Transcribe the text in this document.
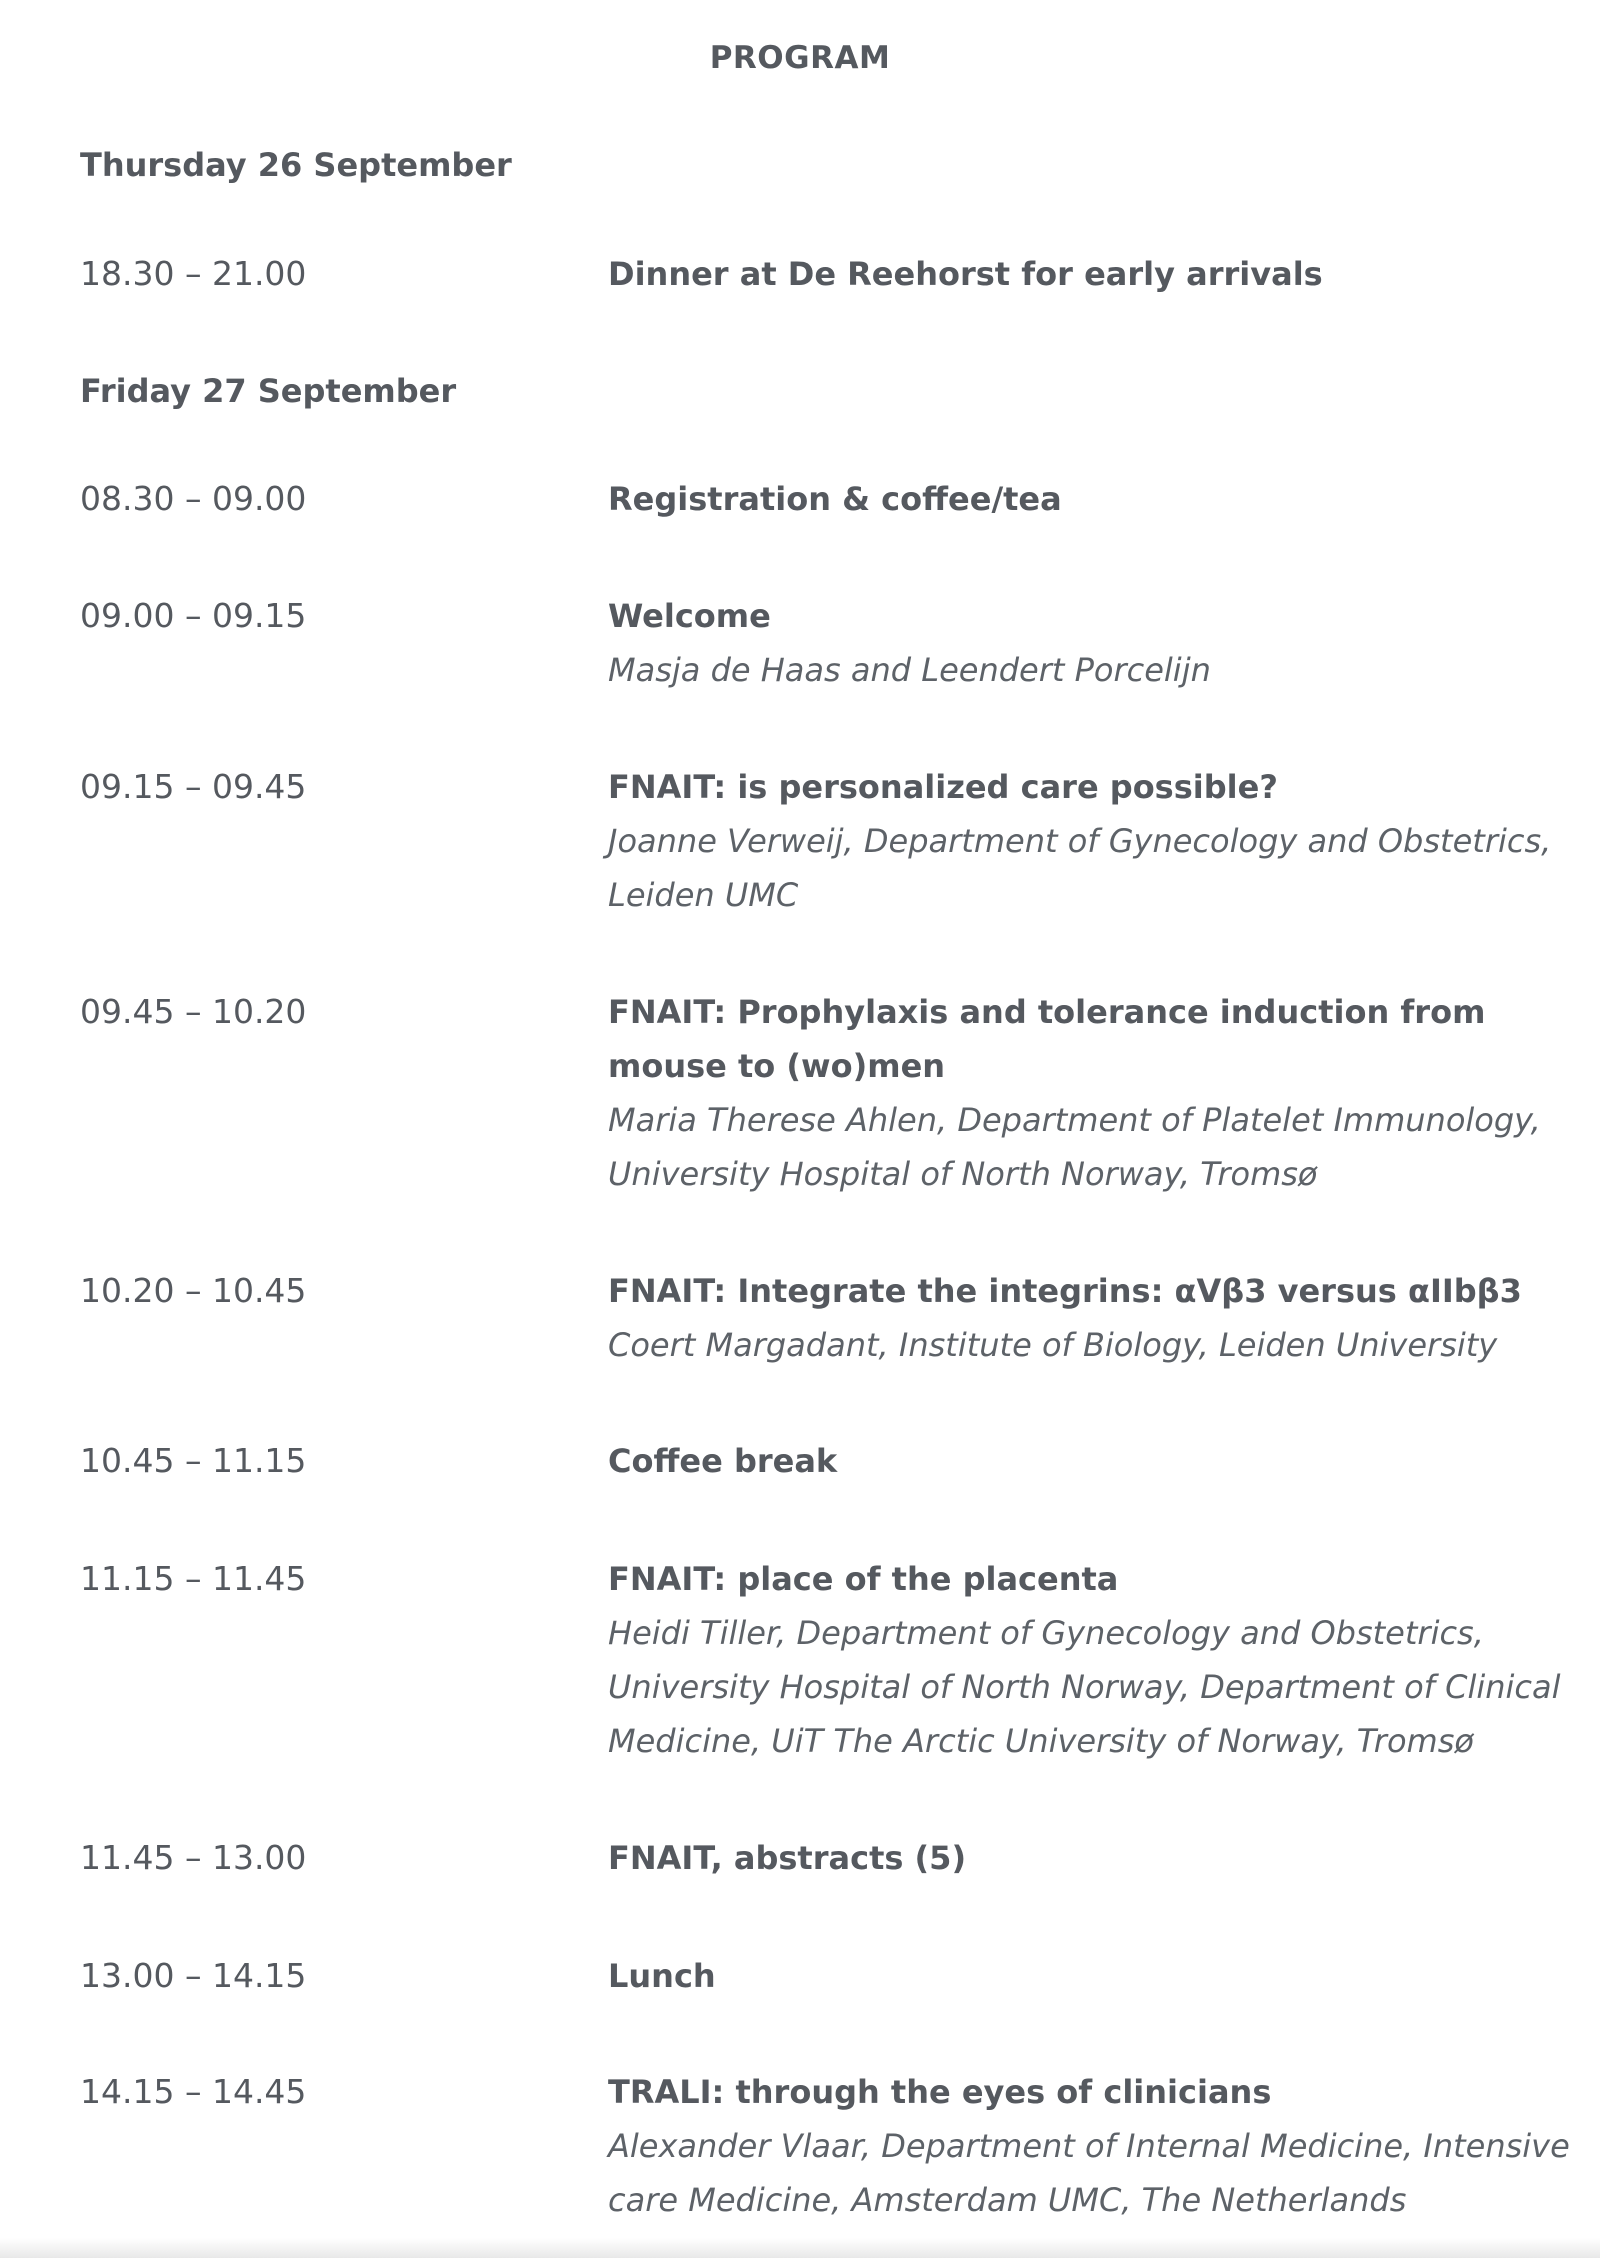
PROGRAM
Thursday 26 September
18.30 – 21.00	Dinner at De Reehorst for early arrivals
Friday 27 September
08.30 – 09.00	Registration & coffee/tea
09.00 – 09.15	Welcome
Masja de Haas and Leendert Porcelijn
09.15 – 09.45	FNAIT: is personalized care possible?
Joanne Verweij, Department of Gynecology and Obstetrics, Leiden UMC
09.45 – 10.20	FNAIT: Prophylaxis and tolerance induction from mouse to (wo)men
Maria Therese Ahlen, Department of Platelet Immunology, University Hospital of North Norway, Tromsø
10.20 – 10.45	FNAIT: Integrate the integrins: αVβ3 versus αIIbβ3
Coert Margadant, Institute of Biology, Leiden University
10.45 – 11.15	Coffee break
11.15 – 11.45	FNAIT: place of the placenta
Heidi Tiller, Department of Gynecology and Obstetrics, University Hospital of North Norway, Department of Clinical Medicine, UiT The Arctic University of Norway, Tromsø
11.45 – 13.00	FNAIT, abstracts (5)
13.00 – 14.15	Lunch
14.15 – 14.45	TRALI: through the eyes of clinicians
Alexander Vlaar, Department of Internal Medicine, Intensive care Medicine, Amsterdam UMC, The Netherlands
